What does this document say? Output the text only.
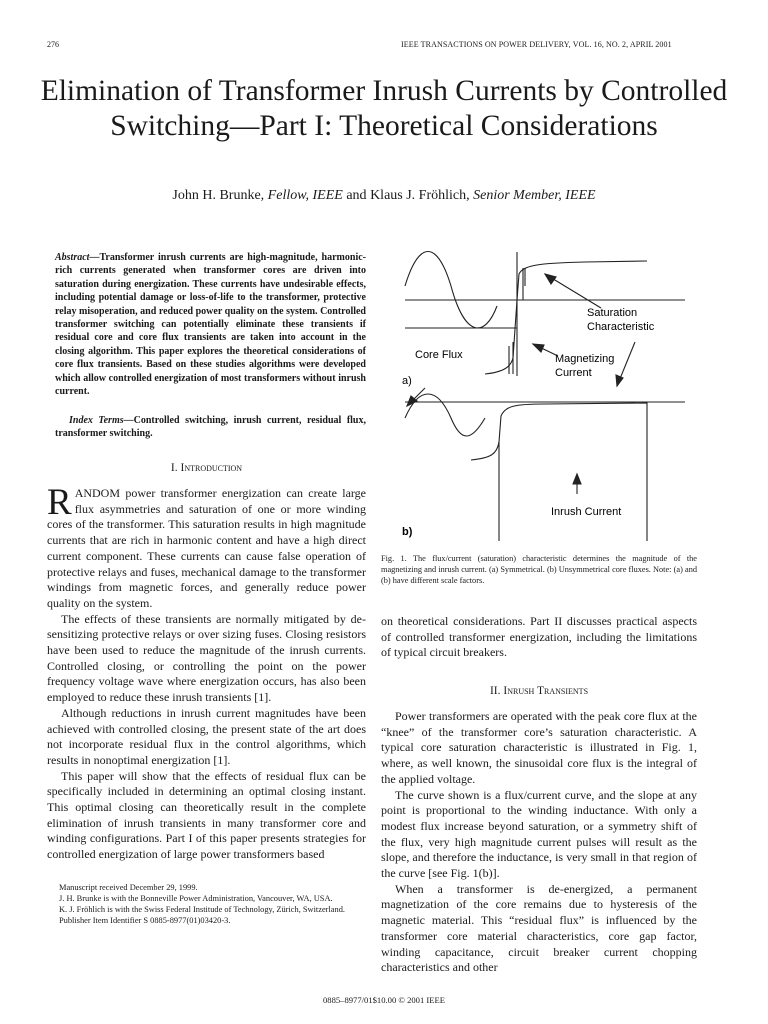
276	IEEE TRANSACTIONS ON POWER DELIVERY, VOL. 16, NO. 2, APRIL 2001
Elimination of Transformer Inrush Currents by Controlled Switching—Part I: Theoretical Considerations
John H. Brunke, Fellow, IEEE and Klaus J. Fröhlich, Senior Member, IEEE
Abstract—Transformer inrush currents are high-magnitude, harmonic-rich currents generated when transformer cores are driven into saturation during energization. These currents have undesirable effects, including potential damage or loss-of-life to the transformer, protective relay misoperation, and reduced power quality on the system. Controlled transformer switching can potentially eliminate these transients if residual core and core flux transients are taken into account in the closing algorithm. This paper explores the theoretical considerations of core flux transients. Based on these studies algorithms were developed which allow controlled energization of most transformers without inrush current.
Index Terms—Controlled switching, inrush current, residual flux, transformer switching.
I. Introduction

RANDOM power transformer energization can create large flux asymmetries and saturation of one or more winding cores of the transformer. This saturation results in high magnitude currents that are rich in harmonic content and have a high direct current component. These currents can cause false operation of protective relays and fuses, mechanical damage to the transformer windings from magnetic forces, and generally reduce power quality on the system.

The effects of these transients are normally mitigated by de-sensitizing protective relays or over sizing fuses. Closing resistors have been used to reduce the magnitude of the inrush currents. Controlled closing, or controlling the point on the power frequency voltage wave where energization occurs, has also been employed to reduce these inrush transients [1].

Although reductions in inrush current magnitudes have been achieved with controlled closing, the present state of the art does not incorporate residual flux in the control algorithms, which results in nonoptimal energization [1].

This paper will show that the effects of residual flux can be specifically included in determining an optimal closing instant. This optimal closing can theoretically result in the complete elimination of inrush transients in many transformer core and winding configurations. Part I of this paper presents strategies for controlled energization of large power transformers based

Manuscript received December 29, 1999.
J. H. Brunke is with the Bonneville Power Administration, Vancouver, WA, USA.
K. J. Fröhlich is with the Swiss Federal Institude of Technology, Zürich, Switzerland.
Publisher Item Identifier S 0885-8977(01)03420-3.
Saturation
Characteristic
Core Flux	Magnetizing
Current
a)
Inrush Current
b)
Fig. 1. The flux/current (saturation) characteristic determines the magnitude of the magnetizing and inrush current. (a) Symmetrical. (b) Unsymmetrical core fluxes. Note: (a) and (b) have different scale factors.
on theoretical considerations. Part II discusses practical aspects of controlled transformer energization, including the limitations of typical circuit breakers.
II. Inrush Transients

Power transformers are operated with the peak core flux at the “knee” of the transformer core’s saturation characteristic. A typical core saturation characteristic is illustrated in Fig. 1, where, as well known, the sinusoidal core flux is the integral of the applied voltage.

The curve shown is a flux/current curve, and the slope at any point is proportional to the winding inductance. With only a modest flux increase beyond saturation, or a symmetry shift of the flux, very high magnitude current pulses will result as the slope, and therefore the inductance, is very small in that region of the curve [see Fig. 1(b)].

When a transformer is de-energized, a permanent magnetization of the core remains due to hysteresis of the magnetic material. This “residual flux” is influenced by the transformer core material characteristics, core gap factor, winding capacitance, circuit breaker current chopping characteristics and other

0885–8977/01$10.00 © 2001 IEEE
